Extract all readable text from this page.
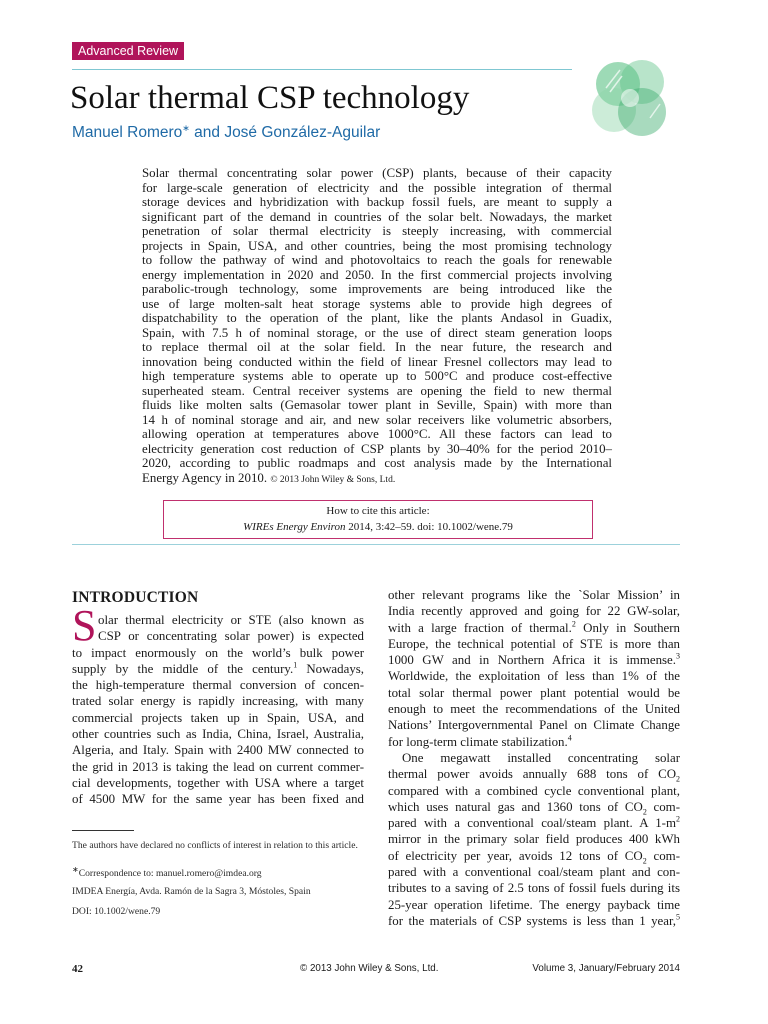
Advanced Review
Solar thermal CSP technology
Manuel Romero∗ and José González-Aguilar
Solar thermal concentrating solar power (CSP) plants, because of their capacity
for large-scale generation of electricity and the possible integration of thermal
storage devices and hybridization with backup fossil fuels, are meant to supply a
significant part of the demand in countries of the solar belt. Nowadays, the market
penetration of solar thermal electricity is steeply increasing, with commercial
projects in Spain, USA, and other countries, being the most promising technology
to follow the pathway of wind and photovoltaics to reach the goals for renewable
energy implementation in 2020 and 2050. In the first commercial projects involving
parabolic-trough technology, some improvements are being introduced like the
use of large molten-salt heat storage systems able to provide high degrees of
dispatchability to the operation of the plant, like the plants Andasol in Guadix,
Spain, with 7.5 h of nominal storage, or the use of direct steam generation loops
to replace thermal oil at the solar field. In the near future, the research and
innovation being conducted within the field of linear Fresnel collectors may lead to
high temperature systems able to operate up to 500°C and produce cost-effective
superheated steam. Central receiver systems are opening the field to new thermal
fluids like molten salts (Gemasolar tower plant in Seville, Spain) with more than
14 h of nominal storage and air, and new solar receivers like volumetric absorbers,
allowing operation at temperatures above 1000°C. All these factors can lead to
electricity generation cost reduction of CSP plants by 30–40% for the period 2010–
2020, according to public roadmaps and cost analysis made by the International
Energy Agency in 2010. © 2013 John Wiley & Sons, Ltd.
How to cite this article:
WIREs Energy Environ 2014, 3:42–59. doi: 10.1002/wene.79
INTRODUCTION
S olar thermal electricity or STE (also known as
CSP or concentrating solar power) is expected
to impact enormously on the world’s bulk power
supply by the middle of the century.$^1$ Nowadays,
the high-temperature thermal conversion of concen-
trated solar energy is rapidly increasing, with many
commercial projects taken up in Spain, USA, and
other countries such as India, China, Israel, Australia,
Algeria, and Italy. Spain with 2400 MW connected to
the grid in 2013 is taking the lead on current commer-
cial developments, together with USA where a target
of 4500 MW for the same year has been fixed and
The authors have declared no conflicts of interest in relation to this article.
∗Correspondence to: manuel.romero@imdea.org
IMDEA Energía, Avda. Ramón de la Sagra 3, Móstoles, Spain
DOI: 10.1002/wene.79
other relevant programs like the `Solar Mission’ in
India recently approved and going for 22 GW-solar,
with a large fraction of thermal.$^2$ Only in Southern
Europe, the technical potential of STE is more than
1000 GW and in Northern Africa it is immense.$^3$
Worldwide, the exploitation of less than 1% of the
total solar thermal power plant potential would be
enough to meet the recommendations of the United
Nations’ Intergovernmental Panel on Climate Change
for long-term climate stabilization.$^4$
One megawatt installed concentrating solar
thermal power avoids annually 688 tons of $CO_2$
compared with a combined cycle conventional plant,
which uses natural gas and 1360 tons of $CO_2$ com-
pared with a conventional coal/steam plant. A $1-m^2$
mirror in the primary solar field produces 400 kWh
of electricity per year, avoids 12 tons of $CO_2$ com-
pared with a conventional coal/steam plant and con-
tributes to a saving of 2.5 tons of fossil fuels during its
25-year operation lifetime. The energy payback time
for the materials of CSP systems is less than 1 year,$^5$
42	© 2013 John Wiley & Sons, Ltd.	Volume 3, January/February 2014
